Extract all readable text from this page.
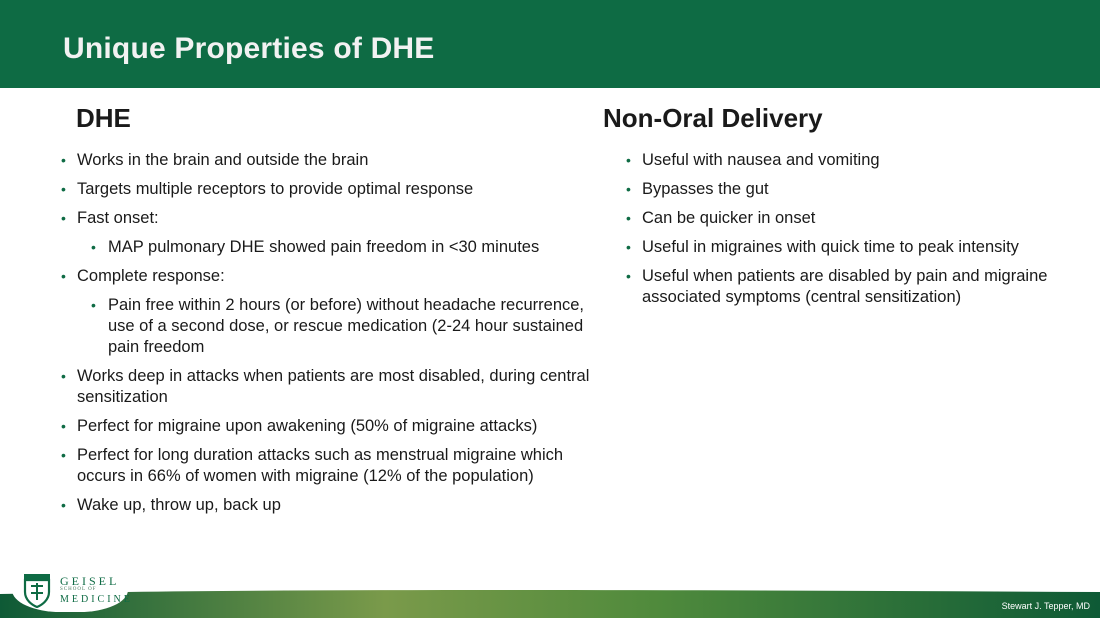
Unique Properties of DHE
DHE	Non-Oral Delivery
• Works in the brain and outside the brain
• Targets multiple receptors to provide optimal response
• Fast onset:
• MAP pulmonary DHE showed pain freedom in <30 minutes
• Complete response:
• Pain free within 2 hours (or before) without headache recurrence, use of a second dose, or rescue medication (2-24 hour sustained pain freedom
• Works deep in attacks when patients are most disabled, during central sensitization
• Perfect for migraine upon awakening (50% of migraine attacks)
• Perfect for long duration attacks such as menstrual migraine which occurs in 66% of women with migraine (12% of the population)
• Wake up, throw up, back up
• Useful with nausea and vomiting
• Bypasses the gut
• Can be quicker in onset
• Useful in migraines with quick time to peak intensity
• Useful when patients are disabled by pain and migraine associated symptoms (central sensitization)
GEISEL
SCHOOL OF
MEDICINE
Stewart J. Tepper, MD
